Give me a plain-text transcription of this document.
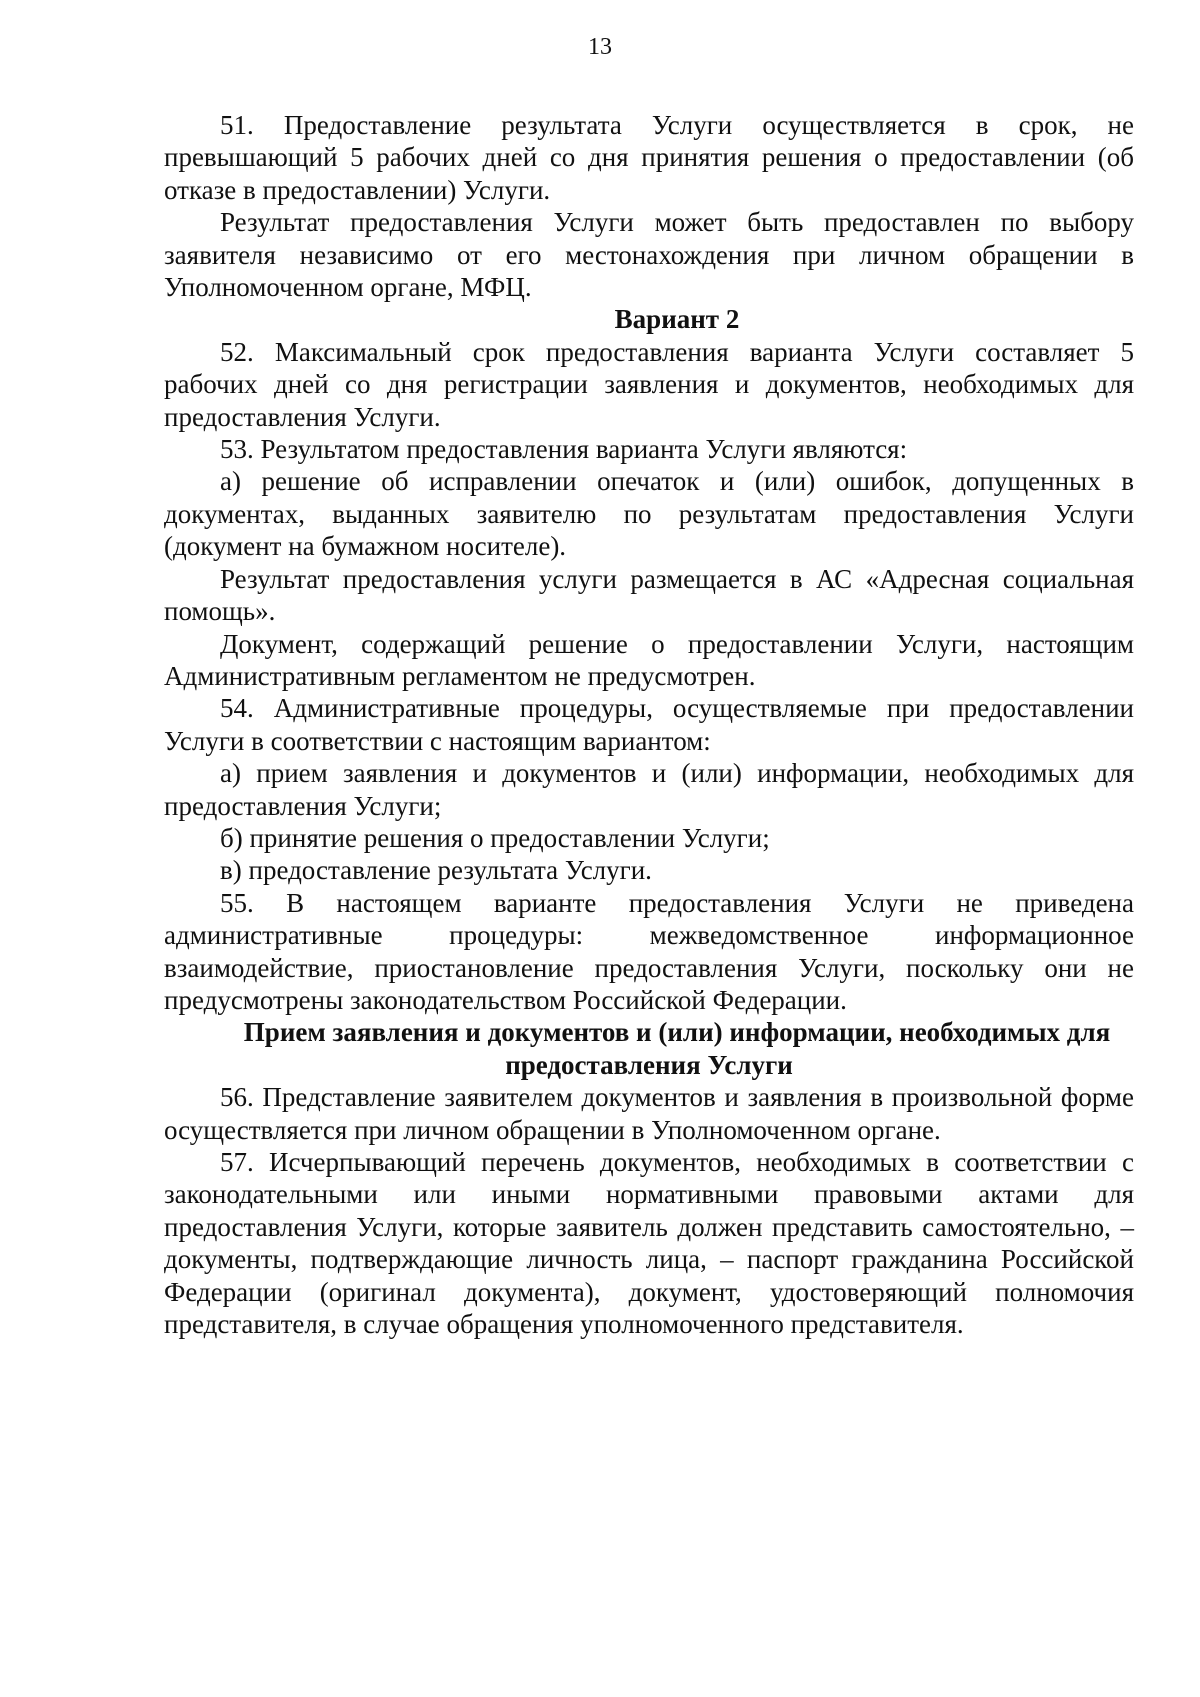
13

51. Предоставление результата Услуги осуществляется в срок, не превышающий 5 рабочих дней со дня принятия решения о предоставлении (об отказе в предоставлении) Услуги.

Результат предоставления Услуги может быть предоставлен по выбору заявителя независимо от его местонахождения при личном обращении в Уполномоченном органе, МФЦ.

Вариант 2

52. Максимальный срок предоставления варианта Услуги составляет 5 рабочих дней со дня регистрации заявления и документов, необходимых для предоставления Услуги.

53. Результатом предоставления варианта Услуги являются:

а) решение об исправлении опечаток и (или) ошибок, допущенных в документах, выданных заявителю по результатам предоставления Услуги (документ на бумажном носителе).

Результат предоставления услуги размещается в АС «Адресная социальная помощь».

Документ, содержащий решение о предоставлении Услуги, настоящим Административным регламентом не предусмотрен.

54. Административные процедуры, осуществляемые при предоставлении Услуги в соответствии с настоящим вариантом:

а) прием заявления и документов и (или) информации, необходимых для предоставления Услуги;

б) принятие решения о предоставлении Услуги;

в) предоставление результата Услуги.

55. В настоящем варианте предоставления Услуги не приведена административные процедуры: межведомственное информационное взаимодействие, приостановление предоставления Услуги, поскольку они не предусмотрены законодательством Российской Федерации.

Прием заявления и документов и (или) информации, необходимых для предоставления Услуги

56. Представление заявителем документов и заявления в произвольной форме осуществляется при личном обращении в Уполномоченном органе.

57. Исчерпывающий перечень документов, необходимых в соответствии с законодательными или иными нормативными правовыми актами для предоставления Услуги, которые заявитель должен представить самостоятельно, – документы, подтверждающие личность лица, – паспорт гражданина Российской Федерации (оригинал документа), документ, удостоверяющий полномочия представителя, в случае обращения уполномоченного представителя.
